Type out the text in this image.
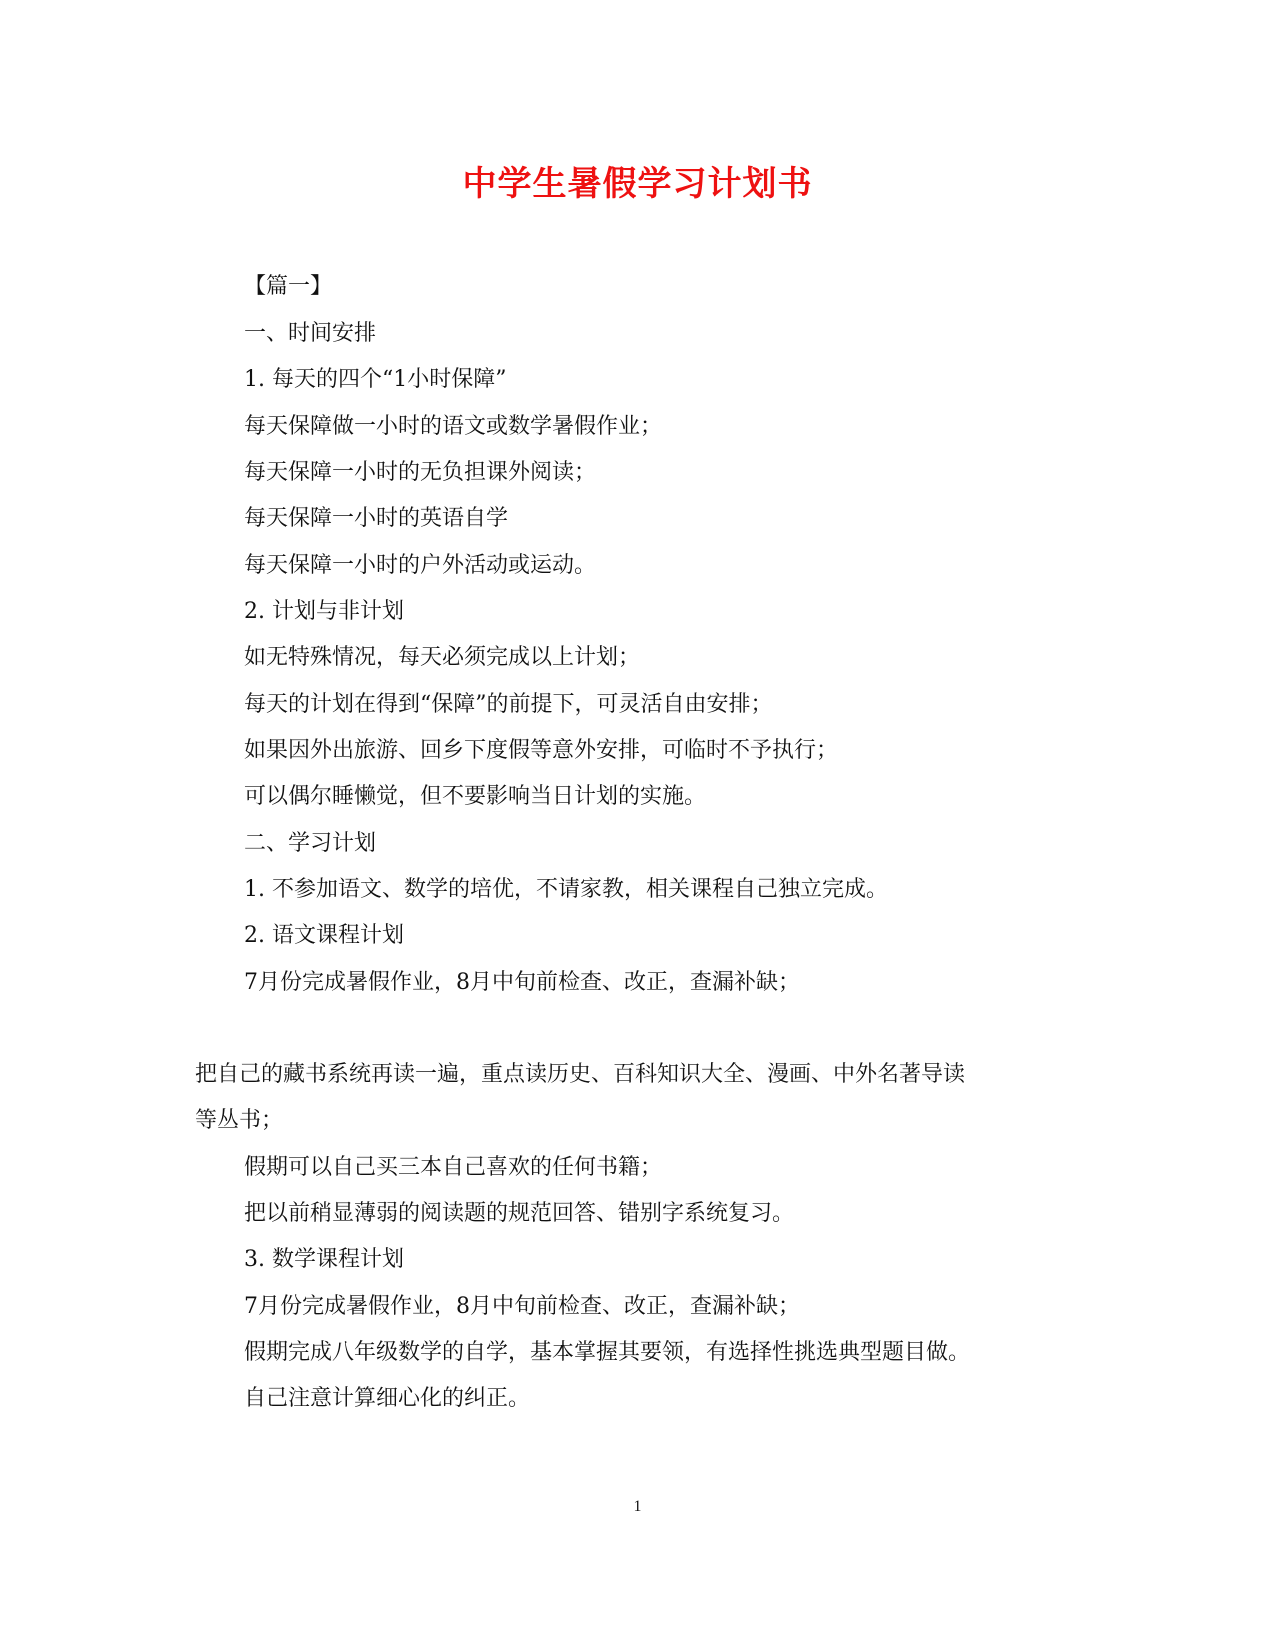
中学生暑假学习计划书

【篇一】

一、时间安排

1. 每天的四个“1小时保障”

每天保障做一小时的语文或数学暑假作业；

每天保障一小时的无负担课外阅读；

每天保障一小时的英语自学

每天保障一小时的户外活动或运动。

2. 计划与非计划

如无特殊情况，每天必须完成以上计划；

每天的计划在得到“保障”的前提下，可灵活自由安排；

如果因外出旅游、回乡下度假等意外安排，可临时不予执行；

可以偶尔睡懒觉，但不要影响当日计划的实施。

二、学习计划

1. 不参加语文、数学的培优，不请家教，相关课程自己独立完成。

2. 语文课程计划

7月份完成暑假作业，8月中旬前检查、改正，查漏补缺；

把自己的藏书系统再读一遍，重点读历史、百科知识大全、漫画、中外名著导读

等丛书；

假期可以自己买三本自己喜欢的任何书籍；

把以前稍显薄弱的阅读题的规范回答、错别字系统复习。

3. 数学课程计划

7月份完成暑假作业，8月中旬前检查、改正，查漏补缺；

假期完成八年级数学的自学，基本掌握其要领，有选择性挑选典型题目做。

自己注意计算细心化的纠正。

1
